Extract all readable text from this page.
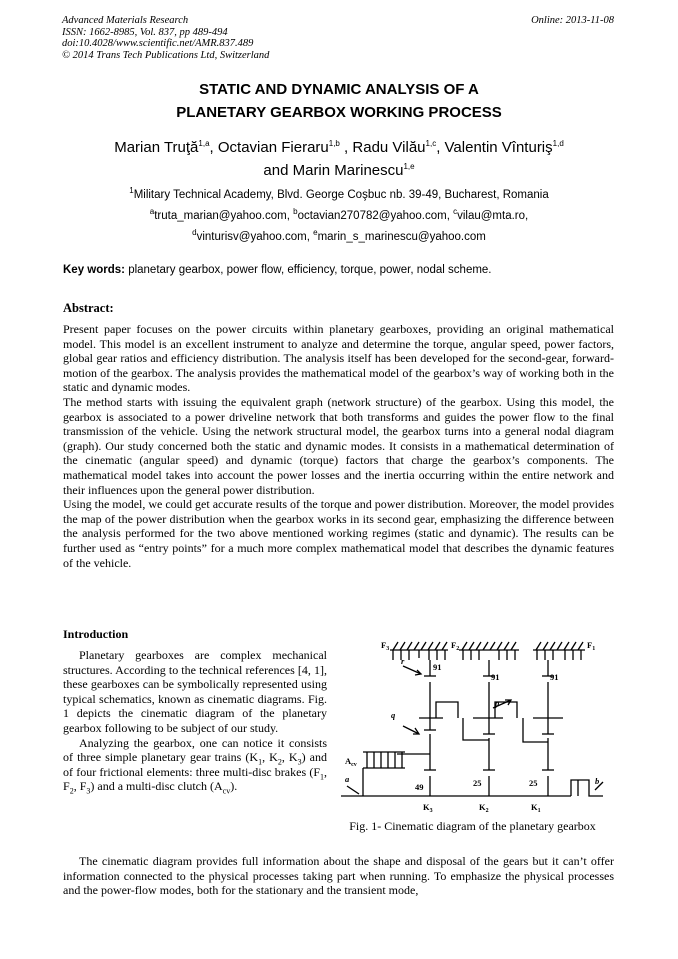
Advanced Materials Research
ISSN: 1662-8985, Vol. 837, pp 489-494
doi:10.4028/www.scientific.net/AMR.837.489
© 2014 Trans Tech Publications Ltd, Switzerland
Online: 2013-11-08
STATIC AND DYNAMIC ANALYSIS OF A
PLANETARY GEARBOX WORKING PROCESS
Marian Truţă$^{1,a}$, Octavian Fieraru$^{1,b}$ , Radu Vilău$^{1,c}$, Valentin Vînturiş$^{1,d}$
and Marin Marinescu$^{1,e}$
$^1$Military Technical Academy, Blvd. George Coşbuc nb. 39-49, Bucharest, Romania
$^a$truta_marian@yahoo.com, $^b$octavian270782@yahoo.com, $^c$vilau@mta.ro,
$^d$vinturisv@yahoo.com, $^e$marin_s_marinescu@yahoo.com
Key words: planetary gearbox, power flow, efficiency, torque, power, nodal scheme.
Abstract:

Present paper focuses on the power circuits within planetary gearboxes, providing an original mathematical model. This model is an excellent instrument to analyze and determine the torque, angular speed, power factors, global gear ratios and efficiency distribution. The analysis itself has been developed for the second-gear, forward-motion of the gearbox. The analysis provides the mathematical model of the gearbox’s way of working both in the static and dynamic modes.

The method starts with issuing the equivalent graph (network structure) of the gearbox. Using this model, the gearbox is associated to a power driveline network that both transforms and guides the power flow to the final transmission of the vehicle. Using the network structural model, the gearbox turns into a general nodal diagram (graph). Our study concerned both the static and dynamic modes. It consists in a mathematical determination of the cinematic (angular speed) and dynamic (torque) factors that charge the gearbox’s components. The mathematical model takes into account the power losses and the inertia occurring within the entire network and their influences upon the general power distribution.

Using the model, we could get accurate results of the torque and power distribution. Moreover, the model provides the map of the power distribution when the gearbox works in its second gear, emphasizing the difference between the analysis performed for the two above mentioned working regimes (static and dynamic). The results can be further used as “entry points” for a much more complex mathematical model that describes the dynamic features of the vehicle.

Introduction

Planetary gearboxes are complex mechanical structures. According to the technical references [4, 1], these gearboxes can be symbolically represented using typical schematics, known as cinematic diagrams. Fig. 1 depicts the cinematic diagram of the planetary gearbox following to be subject of our study.

Analyzing the gearbox, one can notice it consists of three simple planetary gear trains ($K_1$, $K_2$, $K_3$) and of four frictional elements: three multi-disc brakes ($F_1$, $F_2$, $F_3$) and a multi-disc clutch $(A_{cv})$.

$F_3$	$F_2$	$F_1$
r
q
p
a	b
$A_{cv}$
91
91	91
49	25	25
$K_3$	$K_2$	$K_1$
Fig. 1- Cinematic diagram of the planetary gearbox
The cinematic diagram provides full information about the shape and disposal of the gears but it can’t offer information connected to the physical processes taking part when running. To emphasize the physical processes and the power-flow modes, both for the stationary and the transient mode,
